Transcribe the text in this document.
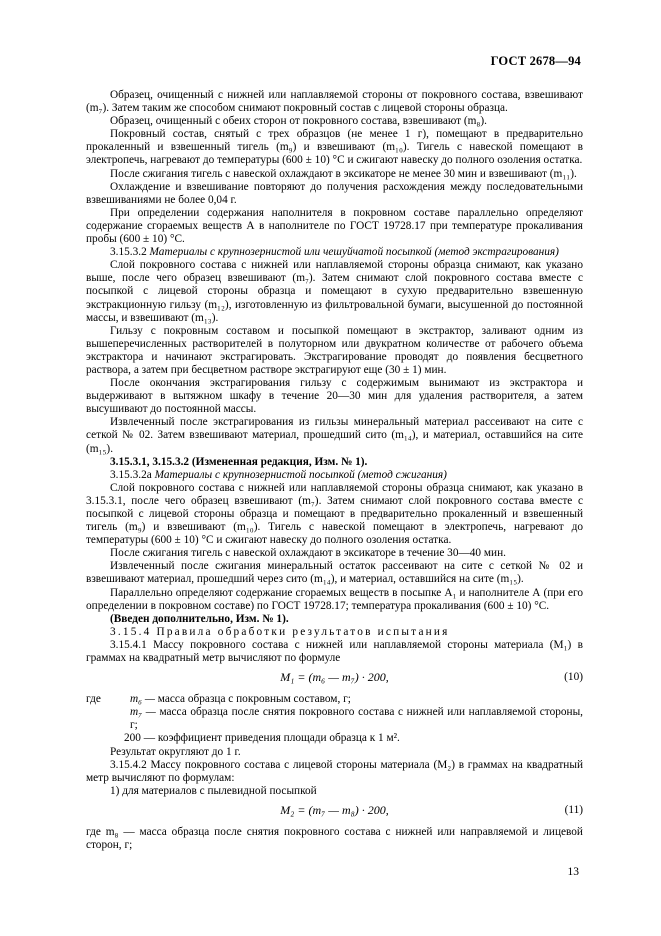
ГОСТ 2678—94

Образец, очищенный с нижней или наплавляемой стороны от покровного состава, взвешивают (m₇). Затем таким же способом снимают покровный состав с лицевой стороны образца.

Образец, очищенный с обеих сторон от покровного состава, взвешивают (m₈).

Покровный состав, снятый с трех образцов (не менее 1 г), помещают в предварительно прокаленный и взвешенный тигель (m₉) и взвешивают (m₁₀). Тигель с навеской помещают в электропечь, нагревают до температуры (600 ± 10) °С и сжигают навеску до полного озоления остатка.

После сжигания тигель с навеской охлаждают в эксикаторе не менее 30 мин и взвешивают (m₁₁).

Охлаждение и взвешивание повторяют до получения расхождения между последовательными взвешиваниями не более 0,04 г.

При определении содержания наполнителя в покровном составе параллельно определяют содержание сгораемых веществ А в наполнителе по ГОСТ 19728.17 при температуре прокаливания пробы (600 ± 10) °С.

3.15.3.2 Материалы с крупнозернистой или чешуйчатой посыпкой (метод экстрагирования)

Слой покровного состава с нижней или наплавляемой стороны образца снимают, как указано выше, после чего образец взвешивают (m₇). Затем снимают слой покровного состава вместе с посыпкой с лицевой стороны образца и помещают в сухую предварительно взвешенную экстракционную гильзу (m₁₂), изготовленную из фильтровальной бумаги, высушенной до постоянной массы, и взвешивают (m₁₃).

Гильзу с покровным составом и посыпкой помещают в экстрактор, заливают одним из вышеперечисленных растворителей в полуторном или двукратном количестве от рабочего объема экстрактора и начинают экстрагировать. Экстрагирование проводят до появления бесцветного раствора, а затем при бесцветном растворе экстрагируют еще (30 ± 1) мин.

После окончания экстрагирования гильзу с содержимым вынимают из экстрактора и выдерживают в вытяжном шкафу в течение 20—30 мин для удаления растворителя, а затем высушивают до постоянной массы.

Извлеченный после экстрагирования из гильзы минеральный материал рассеивают на сите с сеткой № 02. Затем взвешивают материал, прошедший сито (m₁₄), и материал, оставшийся на сите (m₁₅).

3.15.3.1, 3.15.3.2 (Измененная редакция, Изм. № 1).

3.15.3.2а Материалы с крупнозернистой посыпкой (метод сжигания)

Слой покровного состава с нижней или наплавляемой стороны образца снимают, как указано в 3.15.3.1, после чего образец взвешивают (m₇). Затем снимают слой покровного состава вместе с посыпкой с лицевой стороны образца и помещают в предварительно прокаленный и взвешенный тигель (m₉) и взвешивают (m₁₀). Тигель с навеской помещают в электропечь, нагревают до температуры (600 ± 10) °С и сжигают навеску до полного озоления остатка.

После сжигания тигель с навеской охлаждают в эксикаторе в течение 30—40 мин.

Извлеченный после сжигания минеральный остаток рассеивают на сите с сеткой № 02 и взвешивают материал, прошедший через сито (m₁₄), и материал, оставшийся на сите (m₁₅).

Параллельно определяют содержание сгораемых веществ в посыпке А₁ и наполнителе А (при его определении в покровном составе) по ГОСТ 19728.17; температура прокаливания (600 ± 10) °С.

(Введен дополнительно, Изм. № 1).

3.15.4 Правила обработки результатов испытания

3.15.4.1 Массу покровного состава с нижней или наплавляемой стороны материала (M₁) в граммах на квадратный метр вычисляют по формуле

M₁ = (m₆ — m₇) · 200,	(10)

где	m₆ — масса образца с покровным составом, г;

m₇ — масса образца после снятия покровного состава с нижней или наплавляемой стороны, г;

200 — коэффициент приведения площади образца к 1 м².

Результат округляют до 1 г.

3.15.4.2 Массу покровного состава с лицевой стороны материала (M₂) в граммах на квадратный метр вычисляют по формулам:

1) для материалов с пылевидной посыпкой

M₂ = (m₇ — m₈) · 200,	(11)

где m₈ — масса образца после снятия покровного состава с нижней или направляемой и лицевой сторон, г;

13
